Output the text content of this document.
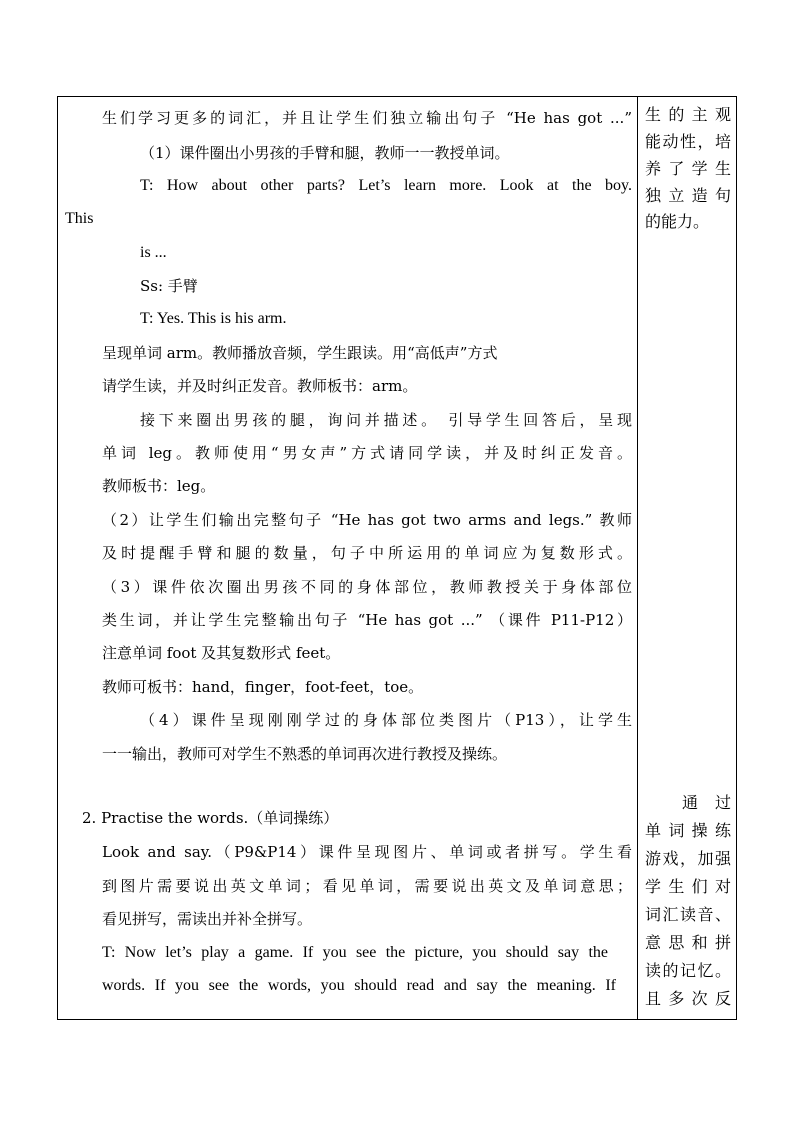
生们学习更多的词汇，并且让学生们独立输出句子 “He has got ...”
（1）课件圈出小男孩的手臂和腿，教师一一教授单词。
T: How about other parts? Let’s learn more. Look at the boy.
This
is ...
Ss: 手臂
T: Yes. This is his arm.
呈现单词 arm。教师播放音频，学生跟读。用“高低声”方式
请学生读，并及时纠正发音。教师板书：arm。
接下来圈出男孩的腿，询问并描述。 引导学生回答后，呈现
单词 leg。教师使用“男女声”方式请同学读，并及时纠正发音。
教师板书：leg。
（2）让学生们输出完整句子 “He has got two arms and legs.” 教师
及时提醒手臂和腿的数量，句子中所运用的单词应为复数形式。
（3）课件依次圈出男孩不同的身体部位，教师教授关于身体部位
类生词，并让学生完整输出句子 “He has got ...” （课件 P11-P12）
注意单词 foot 及其复数形式 feet。
教师可板书：hand，finger，foot-feet，toe。
（4）课件呈现刚刚学过的身体部位类图片（P13），让学生
一一输出，教师可对学生不熟悉的单词再次进行教授及操练。
2. Practise the words.（单词操练）
Look and say.（P9&P14）课件呈现图片、单词或者拼写。学生看
到图片需要说出英文单词；看见单词，需要说出英文及单词意思；
看见拼写，需读出并补全拼写。
T: Now let’s play a game. If you see the picture, you should say the
words. If you see the words, you should read and say the meaning. If
生的主观
能动性，培
养了学生
独立造句
的能力。
通 过
单词操练
游戏，加强
学生们对
词汇读音、
意思和拼
读的记忆。
且多次反
